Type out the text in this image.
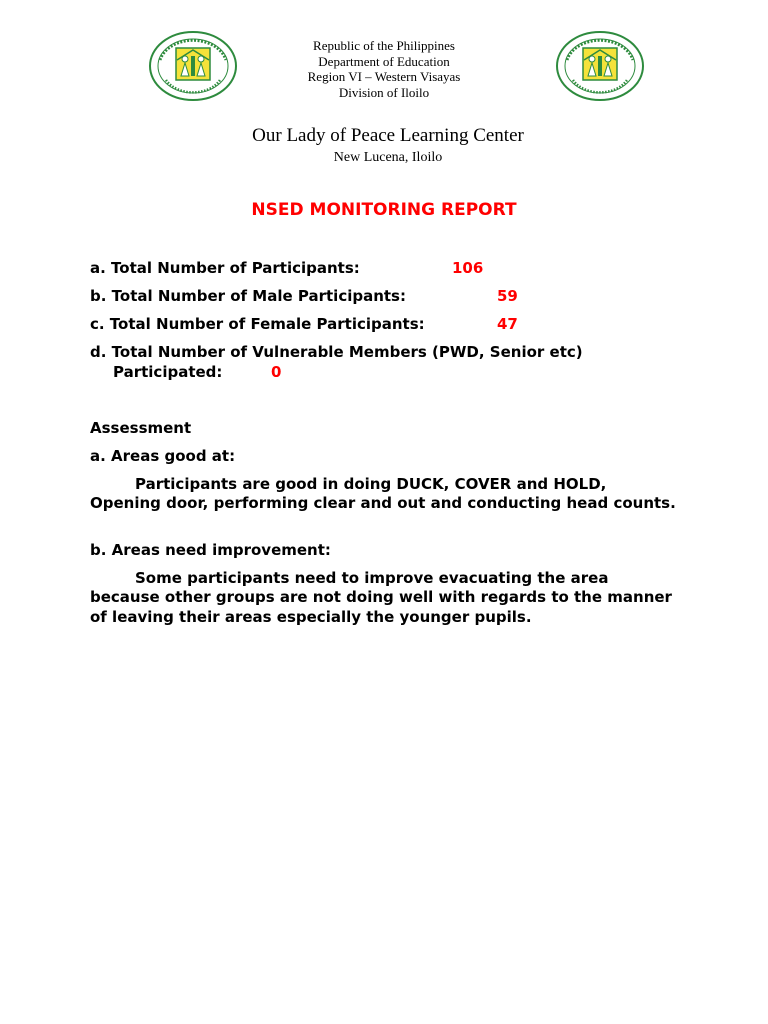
Republic of the Philippines
Department of Education
Region VI – Western Visayas
Division of Iloilo
Our Lady of Peace Learning Center
New Lucena, Iloilo
NSED MONITORING REPORT
a. Total Number of Participants:	106
b. Total Number of Male Participants:	59
c. Total Number of Female Participants:	47
d. Total Number of Vulnerable Members (PWD, Senior etc)
Participated:	0
Assessment
a. Areas good at:
Participants are good in doing DUCK, COVER and HOLD, Opening door, performing clear and out and conducting head counts.
b. Areas need improvement:
Some participants need to improve evacuating the area because other groups are not doing well with regards to the manner of leaving their areas especially the younger pupils.
